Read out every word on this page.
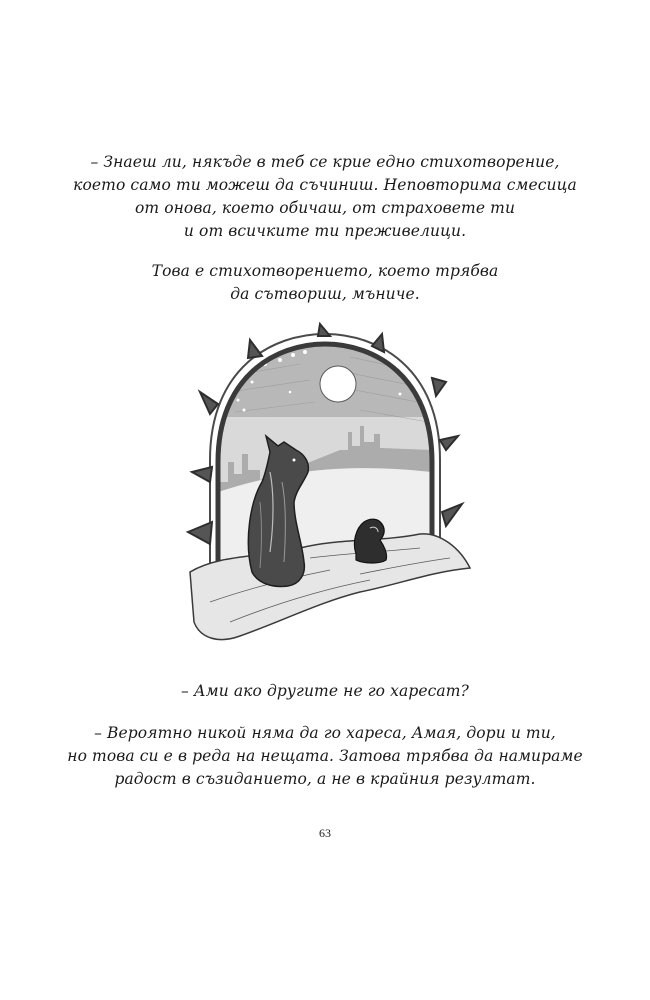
– Знаеш ли, някъде в теб се крие едно стихотворение,
което само ти можеш да съчиниш. Неповторима смесица
от онова, което обичаш, от страховете ти
и от всичките ти преживелици.
Това е стихотворението, което трябва
да сътвориш, мъниче.
– Ами ако другите не го харесат?
– Вероятно никой няма да го хареса, Амая, дори и ти,
но това си е в реда на нещата. Затова трябва да намираме
радост в съзиданието, а не в крайния резултат.
63
